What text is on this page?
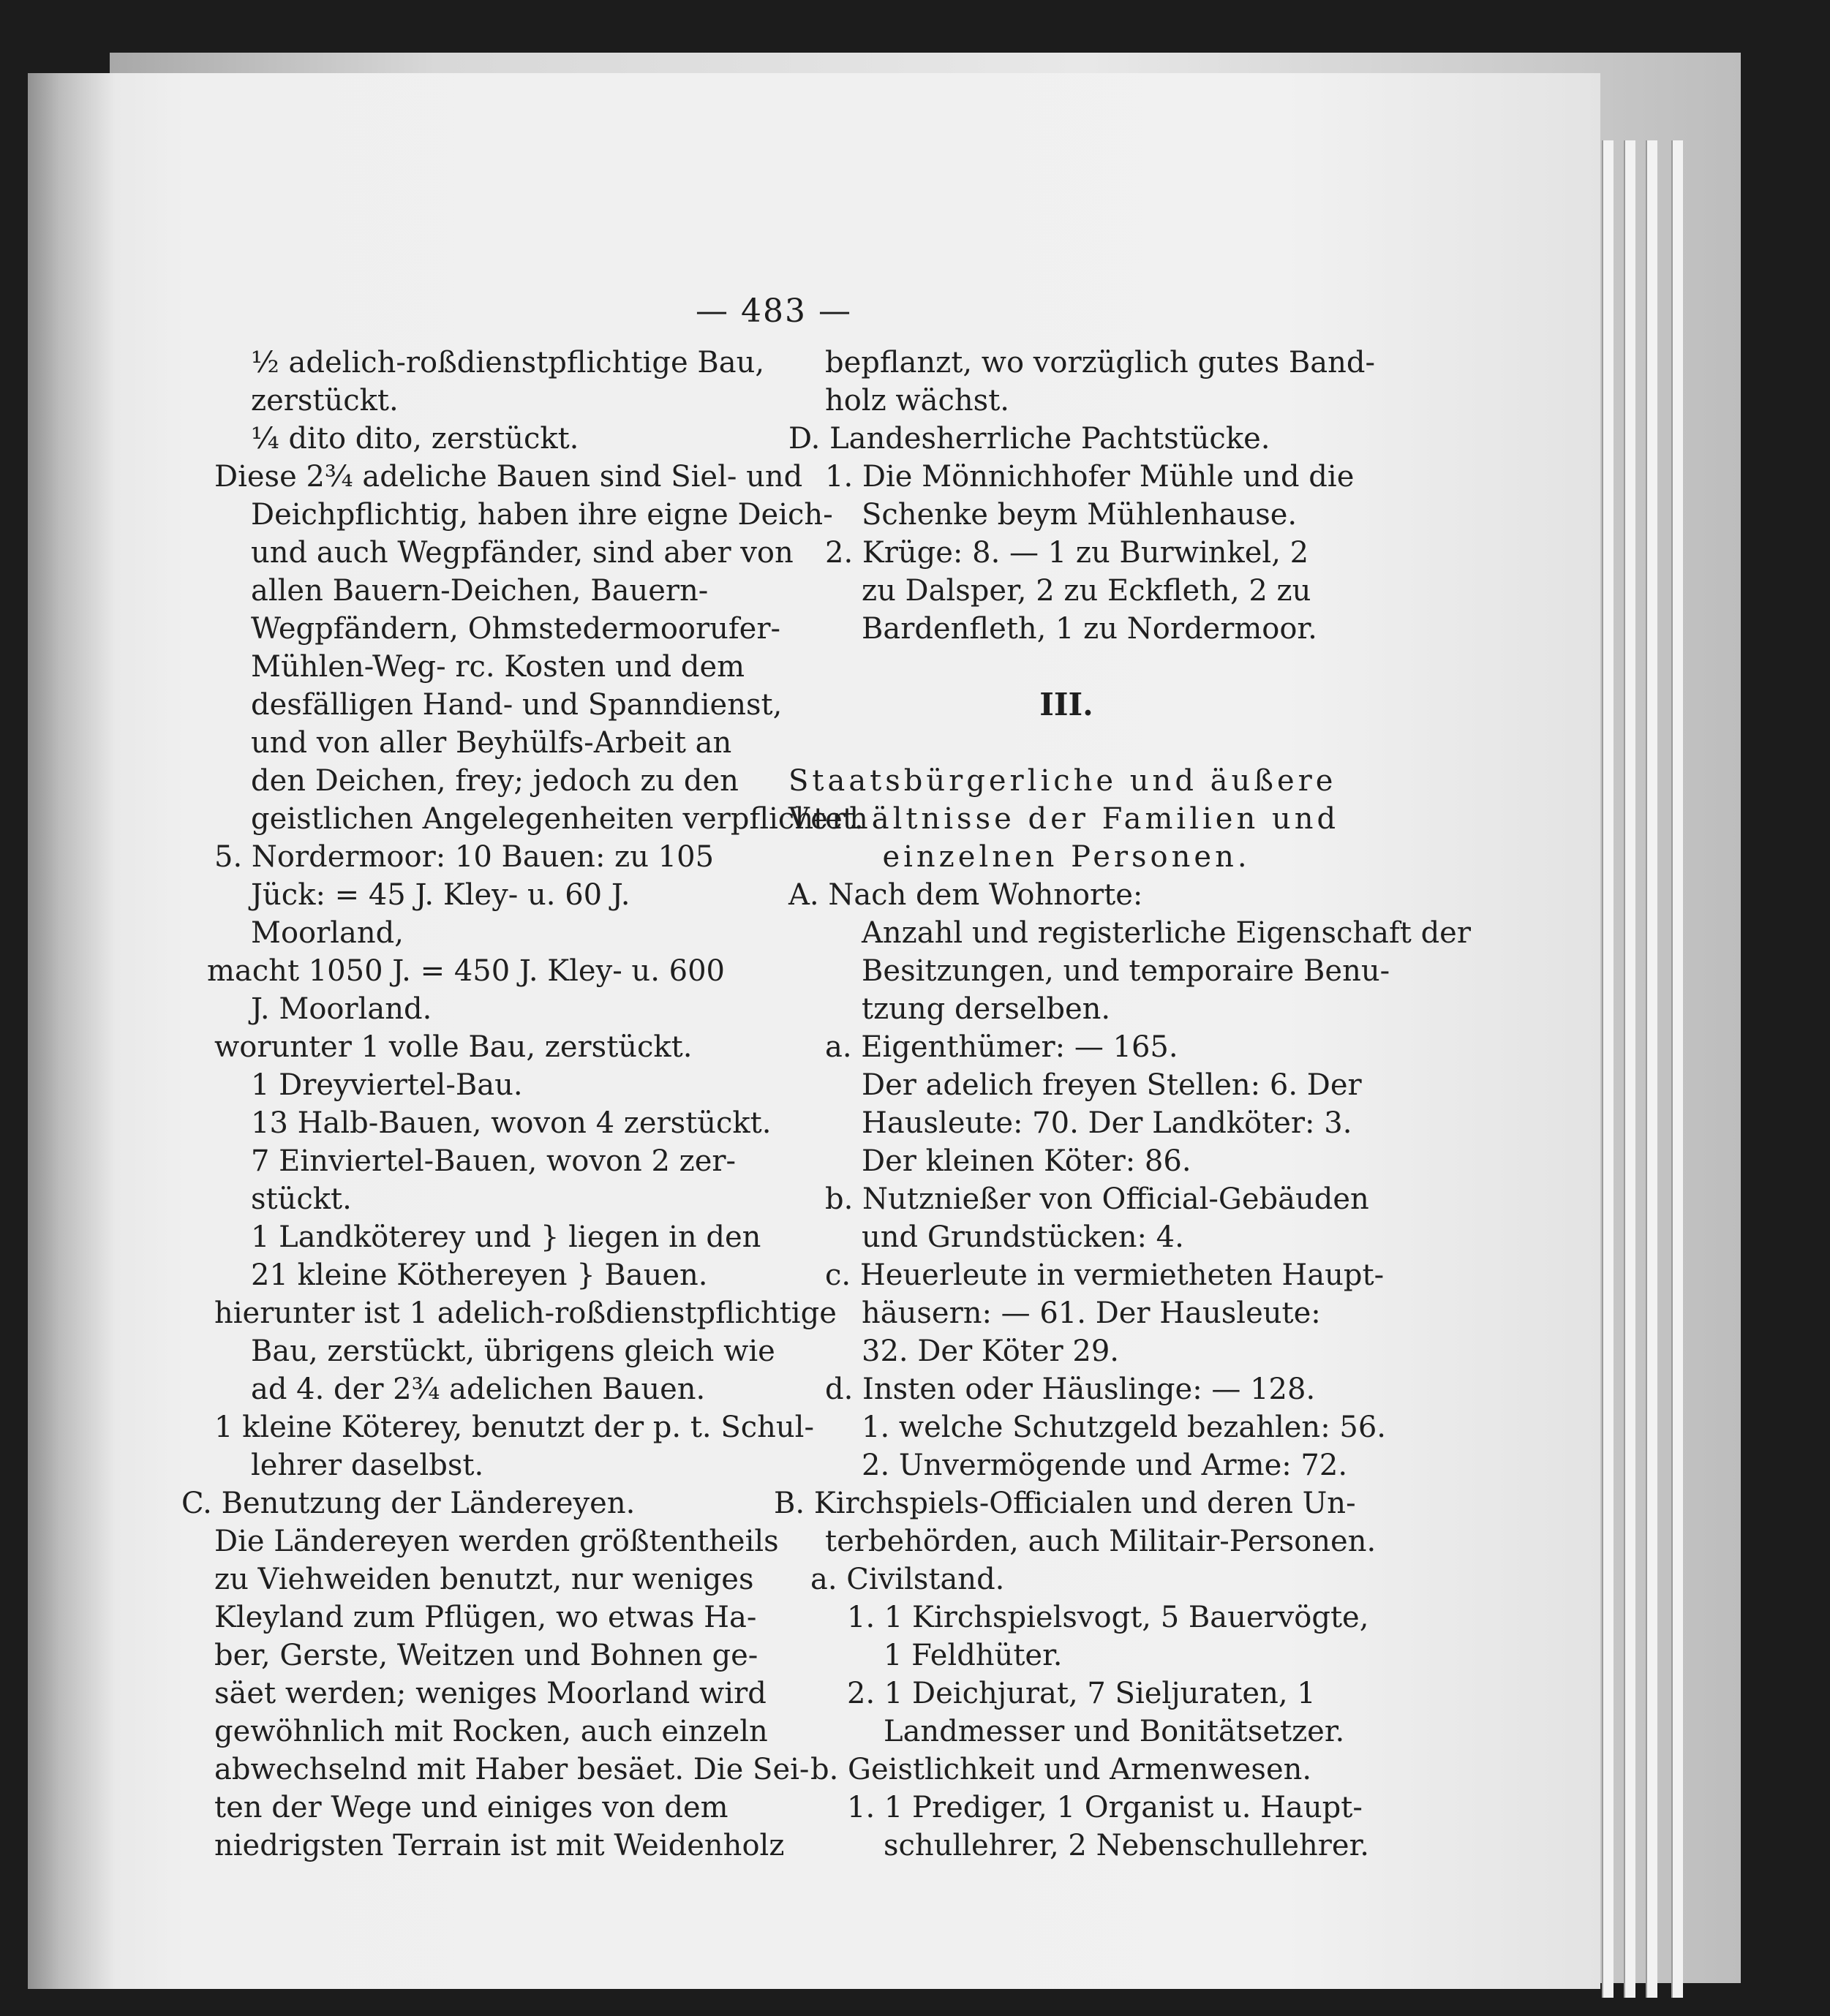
— 483 —
½ adelich-roßdienstpflichtige Bau,
zerstückt.
¼ dito dito, zerstückt.
Diese 2¾ adeliche Bauen sind Siel- und
Deichpflichtig, haben ihre eigne Deich-
und auch Wegpfänder, sind aber von
allen Bauern-Deichen, Bauern-
Wegpfändern, Ohmstedermoorufer-
Mühlen-Weg- rc. Kosten und dem
desfälligen Hand- und Spanndienst,
und von aller Beyhülfs-Arbeit an
den Deichen, frey; jedoch zu den
geistlichen Angelegenheiten verpflichtet.
5. Nordermoor: 10 Bauen: zu 105
Jück: = 45 J. Kley- u. 60 J.
Moorland,
macht 1050 J. = 450 J. Kley- u. 600
J. Moorland.
worunter 1 volle Bau, zerstückt.
1 Dreyviertel-Bau.
13 Halb-Bauen, wovon 4 zerstückt.
7 Einviertel-Bauen, wovon 2 zer-
stückt.
1 Landköterey und } liegen in den
21 kleine Köthereyen } Bauen.
hierunter ist 1 adelich-roßdienstpflichtige
Bau, zerstückt, übrigens gleich wie
ad 4. der 2¾ adelichen Bauen.
1 kleine Köterey, benutzt der p. t. Schul-
lehrer daselbst.
C. Benutzung der Ländereyen.
Die Ländereyen werden größtentheils
zu Viehweiden benutzt, nur weniges
Kleyland zum Pflügen, wo etwas Ha-
ber, Gerste, Weitzen und Bohnen ge-
säet werden; weniges Moorland wird
gewöhnlich mit Rocken, auch einzeln
abwechselnd mit Haber besäet. Die Sei-
ten der Wege und einiges von dem
niedrigsten Terrain ist mit Weidenholz
bepflanzt, wo vorzüglich gutes Band-
holz wächst.
D. Landesherrliche Pachtstücke.
1. Die Mönnichhofer Mühle und die
Schenke beym Mühlenhause.
2. Krüge: 8. — 1 zu Burwinkel, 2
zu Dalsper, 2 zu Eckfleth, 2 zu
Bardenfleth, 1 zu Nordermoor.
III.
Staatsbürgerliche und äußere
Verhältnisse der Familien und
einzelnen Personen.
A. Nach dem Wohnorte:
Anzahl und registerliche Eigenschaft der
Besitzungen, und temporaire Benu-
tzung derselben.
a. Eigenthümer: — 165.
Der adelich freyen Stellen: 6. Der
Hausleute: 70. Der Landköter: 3.
Der kleinen Köter: 86.
b. Nutznießer von Official-Gebäuden
und Grundstücken: 4.
c. Heuerleute in vermietheten Haupt-
häusern: — 61. Der Hausleute:
32. Der Köter 29.
d. Insten oder Häuslinge: — 128.
1. welche Schutzgeld bezahlen: 56.
2. Unvermögende und Arme: 72.
B. Kirchspiels-Officialen und deren Un-
terbehörden, auch Militair-Personen.
a. Civilstand.
1. 1 Kirchspielsvogt, 5 Bauervögte,
1 Feldhüter.
2. 1 Deichjurat, 7 Sieljuraten, 1
Landmesser und Bonitätsetzer.
b. Geistlichkeit und Armenwesen.
1. 1 Prediger, 1 Organist u. Haupt-
schullehrer, 2 Nebenschullehrer.
